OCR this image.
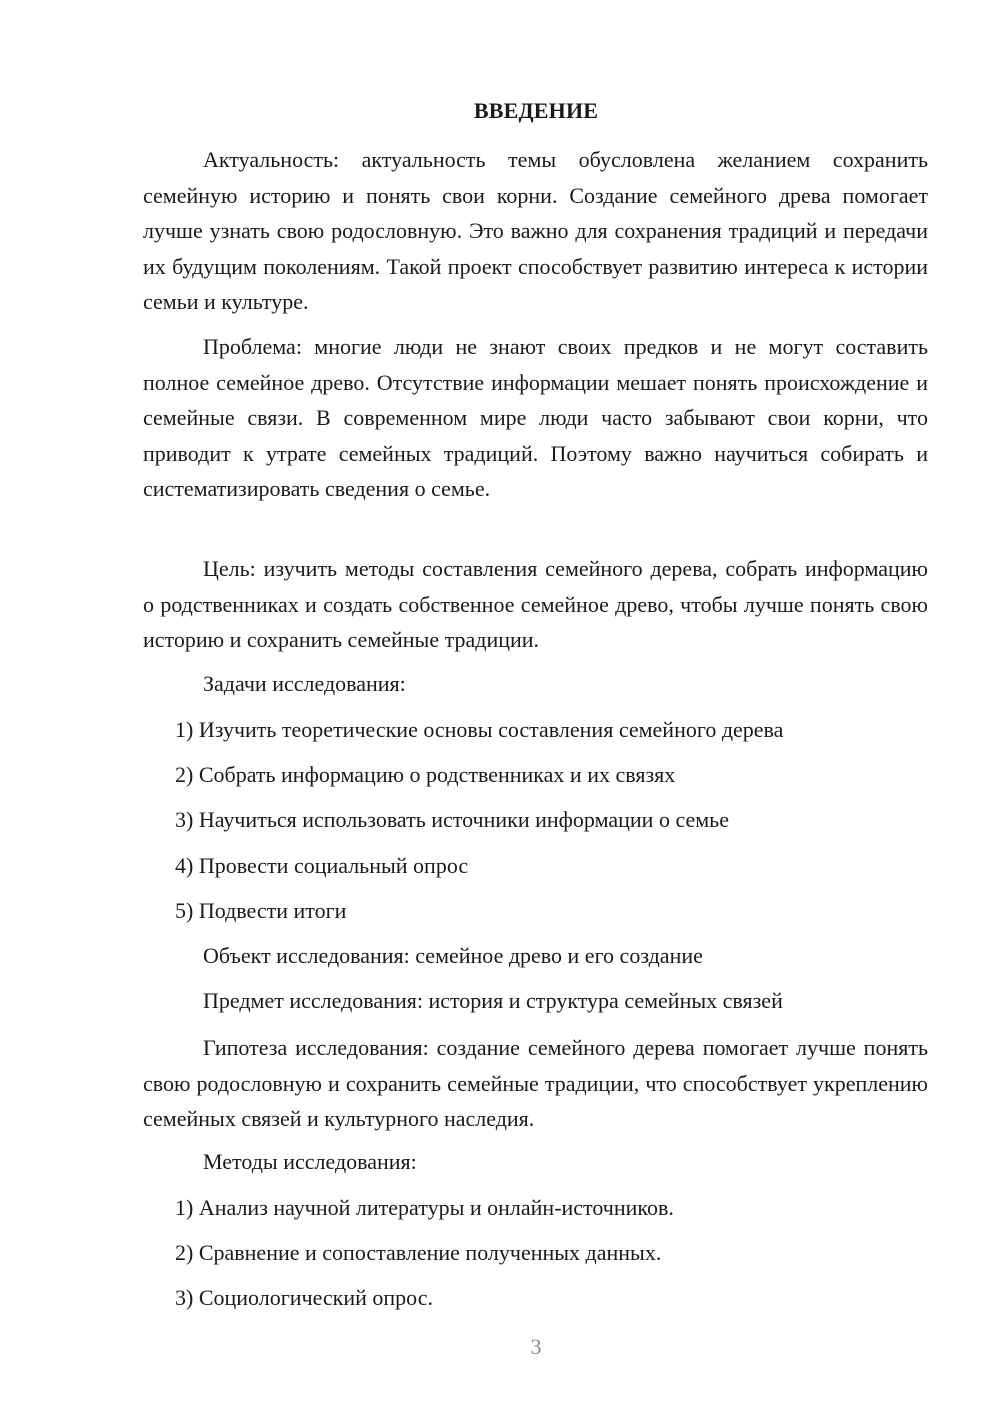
ВВЕДЕНИЕ

Актуальность: актуальность темы обусловлена желанием сохранить семейную историю и понять свои корни. Создание семейного древа помогает лучше узнать свою родословную. Это важно для сохранения традиций и передачи их будущим поколениям. Такой проект способствует развитию интереса к истории семьи и культуре.

Проблема: многие люди не знают своих предков и не могут составить полное семейное древо. Отсутствие информации мешает понять происхождение и семейные связи. В современном мире люди часто забывают свои корни, что приводит к утрате семейных традиций. Поэтому важно научиться собирать и систематизировать сведения о семье.

Цель: изучить методы составления семейного дерева, собрать информацию о родственниках и создать собственное семейное древо, чтобы лучше понять свою историю и сохранить семейные традиции.

Задачи исследования:

1) Изучить теоретические основы составления семейного дерева

2) Собрать информацию о родственниках и их связях

3) Научиться использовать источники информации о семье

4) Провести социальный опрос

5) Подвести итоги

Объект исследования: семейное древо и его создание

Предмет исследования: история и структура семейных связей

Гипотеза исследования: создание семейного дерева помогает лучше понять свою родословную и сохранить семейные традиции, что способствует укреплению семейных связей и культурного наследия.

Методы исследования:

1) Анализ научной литературы и онлайн-источников.

2) Сравнение и сопоставление полученных данных.

3) Социологический опрос.

3
